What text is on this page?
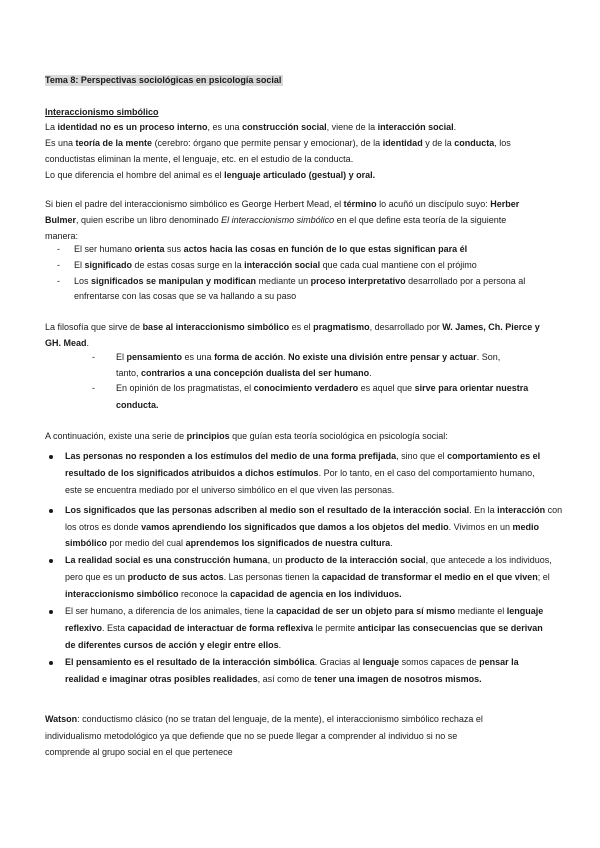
Tema 8: Perspectivas sociológicas en psicología social
Interaccionismo simbólico
La identidad no es un proceso interno, es una construcción social, viene de la interacción social.
Es una teoría de la mente (cerebro: órgano que permite pensar y emocionar), de la identidad y de la conducta, los
conductistas eliminan la mente, el lenguaje, etc. en el estudio de la conducta.
Lo que diferencia el hombre del animal es el lenguaje articulado (gestual) y oral.
Si bien el padre del interaccionismo simbólico es George Herbert Mead, el término lo acuñó un discípulo suyo: Herber
Bulmer, quien escribe un libro denominado El interaccionismo simbólico en el que define esta teoría de la siguiente
manera:
- El ser humano orienta sus actos hacia las cosas en función de lo que estas significan para él
- El significado de estas cosas surge en la interacción social que cada cual mantiene con el prójimo
- Los significados se manipulan y modifican mediante un proceso interpretativo desarrollado por a persona al
enfrentarse con las cosas que se va hallando a su paso
La filosofía que sirve de base al interaccionismo simbólico es el pragmatismo, desarrollado por W. James, Ch. Pierce y
GH. Mead.
- El pensamiento es una forma de acción. No existe una división entre pensar y actuar. Son,
tanto, contrarios a una concepción dualista del ser humano.
- En opinión de los pragmatistas, el conocimiento verdadero es aquel que sirve para orientar nuestra
conducta.
A continuación, existe una serie de principios que guían esta teoría sociológica en psicología social:
Las personas no responden a los estímulos del medio de una forma prefijada, sino que el comportamiento es el
resultado de los significados atribuidos a dichos estímulos. Por lo tanto, en el caso del comportamiento humano,
este se encuentra mediado por el universo simbólico en el que viven las personas.
Los significados que las personas adscriben al medio son el resultado de la interacción social. En la interacción con
los otros es donde vamos aprendiendo los significados que damos a los objetos del medio. Vivimos en un medio
simbólico por medio del cual aprendemos los significados de nuestra cultura.
La realidad social es una construcción humana, un producto de la interacción social, que antecede a los individuos,
pero que es un producto de sus actos. Las personas tienen la capacidad de transformar el medio en el que viven; el
interaccionismo simbólico reconoce la capacidad de agencia en los individuos.
El ser humano, a diferencia de los animales, tiene la capacidad de ser un objeto para sí mismo mediante el lenguaje
reflexivo. Esta capacidad de interactuar de forma reflexiva le permite anticipar las consecuencias que se derivan
de diferentes cursos de acción y elegir entre ellos.
El pensamiento es el resultado de la interacción simbólica. Gracias al lenguaje somos capaces de pensar la
realidad e imaginar otras posibles realidades, así como de tener una imagen de nosotros mismos.
Watson: conductismo clásico (no se tratan del lenguaje, de la mente), el interaccionismo simbólico rechaza el
individualismo metodológico ya que defiende que no se puede llegar a comprender al individuo si no se
comprende al grupo social en el que pertenece
